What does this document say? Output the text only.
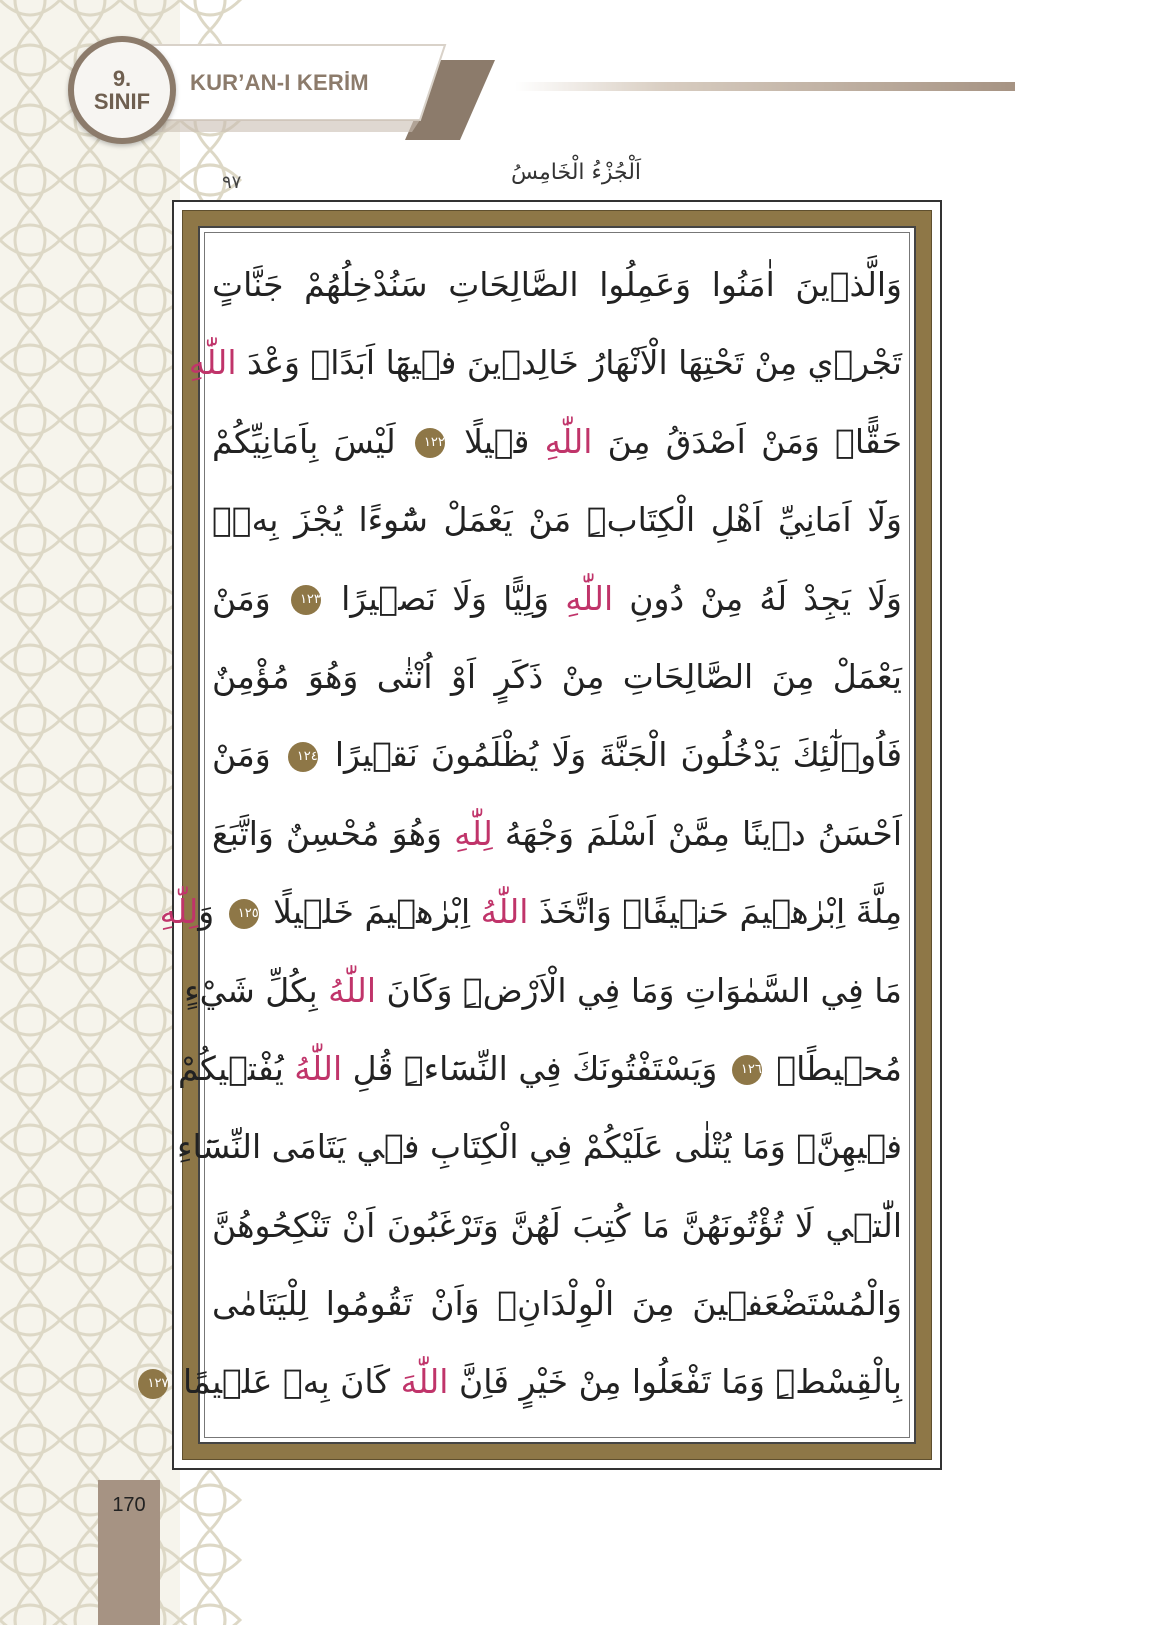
9.
SINIF
KUR’AN-I KERİM
اَلْجُزْءُ الْخَامِسُ
٩٧
وَالَّذ۪ينَ اٰمَنُوا وَعَمِلُوا الصَّالِحَاتِ سَنُدْخِلُهُمْ جَنَّاتٍ
تَجْر۪ي مِنْ تَحْتِهَا الْاَنْهَارُ خَالِد۪ينَ ف۪يهَٓا اَبَدًاۜ وَعْدَ اللّٰهِ
حَقًّاۜ وَمَنْ اَصْدَقُ مِنَ اللّٰهِ ق۪يلًا ١٢٢ لَيْسَ بِاَمَانِيِّكُمْ
وَلَٓا اَمَانِيِّ اَهْلِ الْكِتَابِۜ مَنْ يَعْمَلْ سُٓوءًا يُجْزَ بِه۪ۙ
وَلَا يَجِدْ لَهُ مِنْ دُونِ اللّٰهِ وَلِيًّا وَلَا نَص۪يرًا ١٢٣ وَمَنْ
يَعْمَلْ مِنَ الصَّالِحَاتِ مِنْ ذَكَرٍ اَوْ اُنْثٰى وَهُوَ مُؤْمِنٌ
فَاُو۬لٰٓئِكَ يَدْخُلُونَ الْجَنَّةَ وَلَا يُظْلَمُونَ نَق۪يرًا ١٢٤ وَمَنْ
اَحْسَنُ د۪ينًا مِمَّنْ اَسْلَمَ وَجْهَهُ لِلّٰهِ وَهُوَ مُحْسِنٌ وَاتَّبَعَ
مِلَّةَ اِبْرٰه۪يمَ حَن۪يفًاۜ وَاتَّخَذَ اللّٰهُ اِبْرٰه۪يمَ خَل۪يلًا ١٢٥ وَلِلّٰهِ
مَا فِي السَّمٰوَاتِ وَمَا فِي الْاَرْضِۜ وَكَانَ اللّٰهُ بِكُلِّ شَيْءٍ
مُح۪يطًا۟ ١٢٦ وَيَسْتَفْتُونَكَ فِي النِّسَٓاءِۜ قُلِ اللّٰهُ يُفْت۪يكُمْ
ف۪يهِنَّۙ وَمَا يُتْلٰى عَلَيْكُمْ فِي الْكِتَابِ ف۪ي يَتَامَى النِّسَٓاءِ
الّٰت۪ي لَا تُؤْتُونَهُنَّ مَا كُتِبَ لَهُنَّ وَتَرْغَبُونَ اَنْ تَنْكِحُوهُنَّ
وَالْمُسْتَضْعَف۪ينَ مِنَ الْوِلْدَانِۙ وَاَنْ تَقُومُوا لِلْيَتَامٰى
بِالْقِسْطِۜ وَمَا تَفْعَلُوا مِنْ خَيْرٍ فَاِنَّ اللّٰهَ كَانَ بِه۪ عَل۪يمًا ١٢٧
170
